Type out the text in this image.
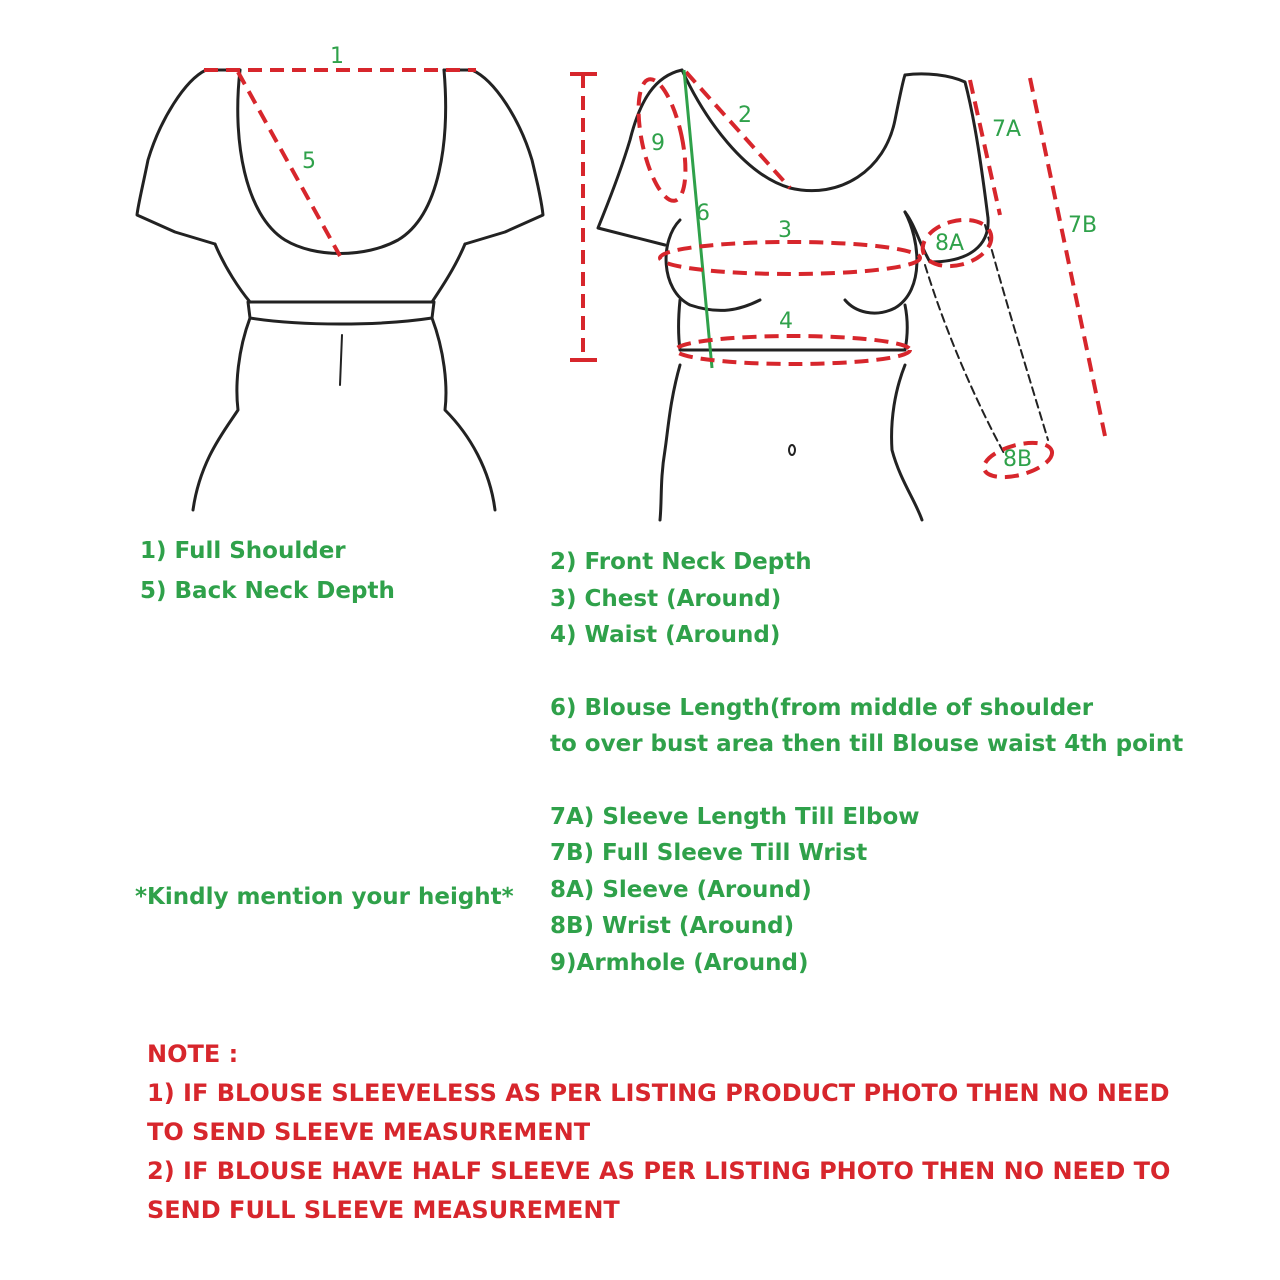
1
5
2
9
6
3
4
7A
7B
8A
8B

1) Full Shoulder

5) Back Neck Depth

2) Front Neck Depth

3) Chest (Around)

4) Waist (Around)

6) Blouse Length(from middle of shoulder

to over bust area then till Blouse waist 4th point

7A) Sleeve Length Till Elbow

7B) Full Sleeve Till Wrist

8A) Sleeve (Around)

8B) Wrist (Around)

9)Armhole (Around)

*Kindly mention your height*

NOTE :

1) IF BLOUSE SLEEVELESS AS PER LISTING PRODUCT PHOTO THEN NO NEED

TO SEND SLEEVE MEASUREMENT

2) IF BLOUSE HAVE HALF SLEEVE AS PER LISTING PHOTO THEN NO NEED TO

SEND FULL SLEEVE MEASUREMENT
